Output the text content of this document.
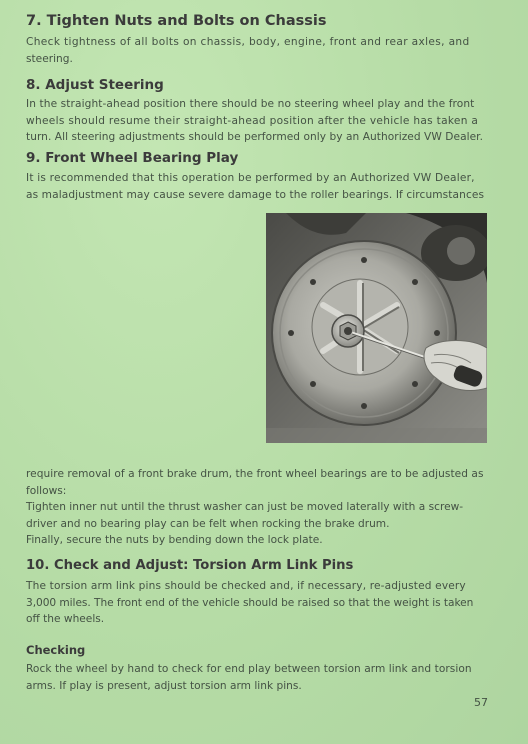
7. Tighten Nuts and Bolts on Chassis
Check tightness of all bolts on chassis, body, engine, front and rear axles, and
steering.
8. Adjust Steering
In the straight-ahead position there should be no steering wheel play and the front
wheels should resume their straight-ahead position after the vehicle has taken a
turn. All steering adjustments should be performed only by an Authorized VW Dealer.
9. Front Wheel Bearing Play
It is recommended that this operation be performed by an Authorized VW Dealer,
as maladjustment may cause severe damage to the roller bearings. If circumstances
require removal of a front brake drum, the front wheel bearings are to be adjusted as
follows:
Tighten inner nut until the thrust washer can just be moved laterally with a screw-
driver and no bearing play can be felt when rocking the brake drum.
Finally, secure the nuts by bending down the lock plate.
10. Check and Adjust: Torsion Arm Link Pins
The torsion arm link pins should be checked and, if necessary, re-adjusted every
3,000 miles. The front end of the vehicle should be raised so that the weight is taken
off the wheels.
Checking
Rock the wheel by hand to check for end play between torsion arm link and torsion
arms. If play is present, adjust torsion arm link pins.
57
